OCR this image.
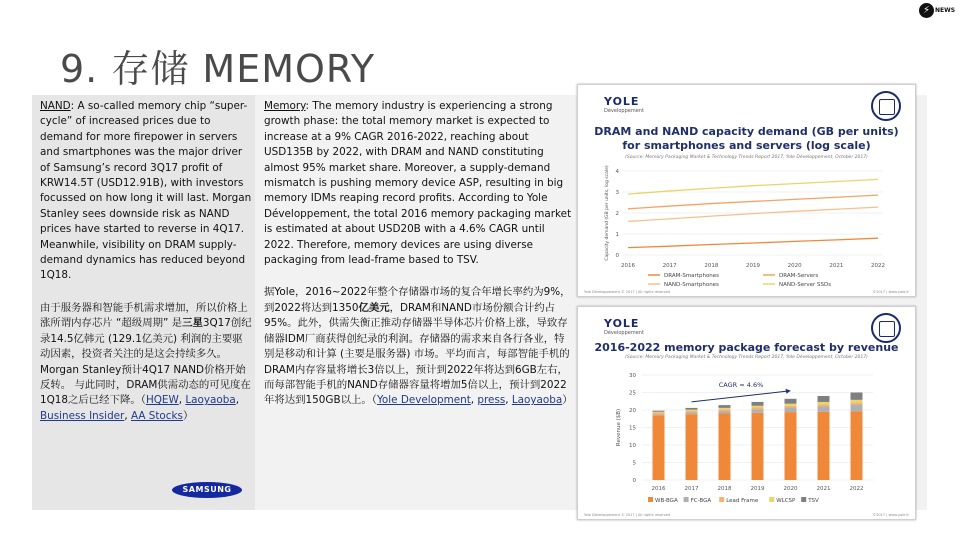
⚡ NEWS
9. 存储 MEMORY

NAND: A so-called memory chip “super-cycle” of increased prices due to demand for more firepower in servers and smartphones was the major driver of Samsung’s record 3Q17 profit of KRW14.5T (USD12.91B), with investors focussed on how long it will last. Morgan Stanley sees downside risk as NAND prices have started to reverse in 4Q17. Meanwhile, visibility on DRAM supply-demand dynamics has reduced beyond 1Q18.

由于服务器和智能手机需求增加，所以价格上涨所谓内存芯片 “超级周期” 是三星3Q17创纪录14.5亿韩元 (129.1亿美元) 利润的主要驱动因素，投资者关注的是这会持续多久。Morgan Stanley预计4Q17 NAND价格开始反转。 与此同时，DRAM供需动态的可见度在1Q18之后已经下降。（HQEW, Laoyaoba, Business Insider, AA Stocks）

SAMSUNG

Memory: The memory industry is experiencing a strong growth phase: the total memory market is expected to increase at a 9% CAGR 2016-2022, reaching about USD135B by 2022, with DRAM and NAND constituting almost 95% market share. Moreover, a supply-demand mismatch is pushing memory device ASP, resulting in big memory IDMs reaping record profits. According to Yole Développement, the total 2016 memory packaging market is estimated at about USD20B with a 4.6% CAGR until 2022. Therefore, memory devices are using diverse packaging from lead-frame based to TSV.

据Yole，2016~2022年整个存储器市场的复合年增长率约为9%，到2022将达到1350亿美元，DRAM和NAND市场份额合计约占95%。此外，供需失衡正推动存储器半导体芯片价格上涨，导致存储器IDM厂商获得创纪录的利润。存储器的需求来自各行各业，特别是移动和计算 (主要是服务器) 市场。平均而言，每部智能手机的DRAM内存容量将增长3倍以上，预计到2022年将达到6GB左右，而每部智能手机的NAND存储器容量将增加5倍以上，预计到2022年将达到150GB以上。（Yole Development, press, Laoyaoba）

YOLE
Développement
DRAM and NAND capacity demand (GB per units)
for smartphones and servers (log scale)
(Source: Memory Packaging Market & Technology Trends Report 2017, Yole Développement, October 2017)
0
1
2
3
4
Capacity demand (GB per units, log scale)
2016	2017	2018	2019	2020	2021	2022
DRAM-Smartphones	DRAM-Servers
NAND-Smartphones	NAND-Server SSDs
Yole Développement © 2017 | All rights reserved	©2017 | www.yole.fr
YOLE
Développement
2016-2022 memory package forecast by revenue
0
5
10
15
20
25
30
Revenue ($B)
2016	2017	2018	2019	2020	2021	2022
CAGR = 4.6%
WB-BGA FC-BGA	Lead Frame	WLCSP TSV
Yole Développement © 2017 | All rights reserved	©2017 | www.yole.fr
(Source: Memory Packaging Market & Technology Trends Report 2017, Yole Développement, October 2017)
